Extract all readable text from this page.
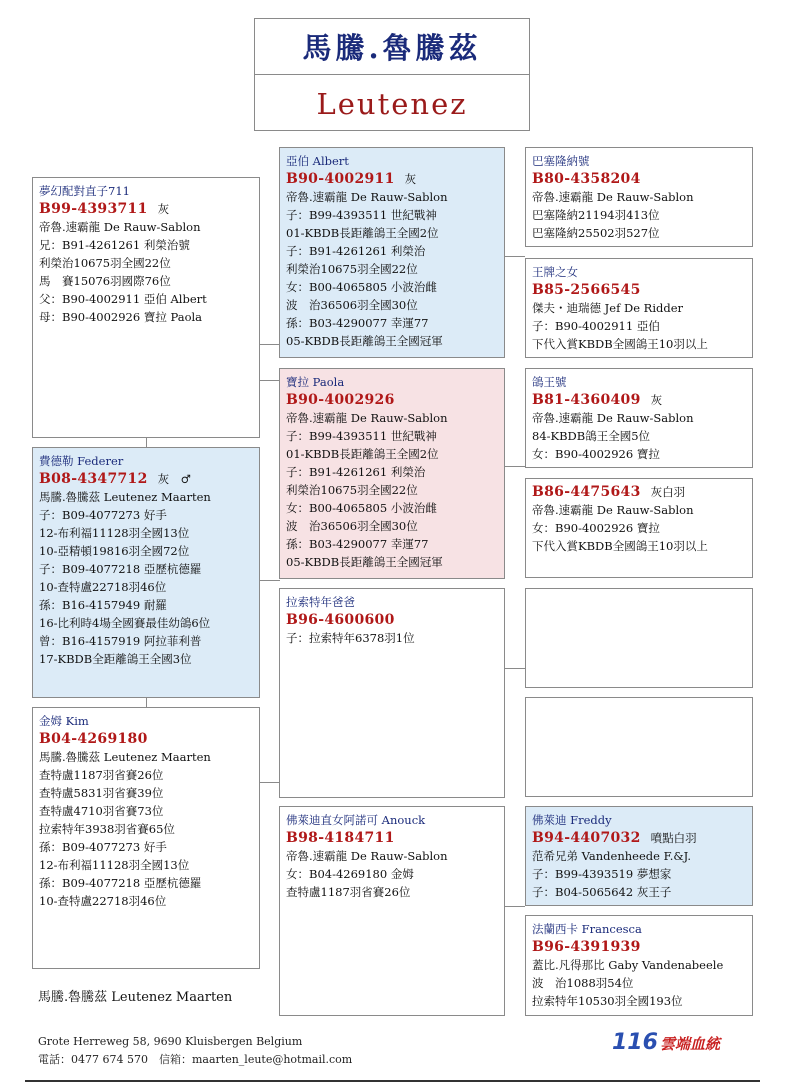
馬騰.魯騰茲
Leutenez
夢幻配對直子711
B99-4393711 灰
帝魯.速霸龍 De Rauw-Sablon
兄：B91-4261261 利榮治號
利榮治10675羽全國22位
馬　賽15076羽國際76位
父：B90-4002911 亞伯 Albert
母：B90-4002926 寶拉 Paola
費德勒 Federer
B08-4347712 灰　♂
馬騰.魯騰茲 Leutenez Maarten
子：B09-4077273 好手
12-布利福11128羽全國13位
10-亞精頓19816羽全國72位
子：B09-4077218 亞歷杭德羅
10-查特盧22718羽46位
孫：B16-4157949 耐羅
16-比利時4場全國賽最佳幼鴿6位
曾：B16-4157919 阿拉菲利普
17-KBDB全距離鴿王全國3位
金姆 Kim
B04-4269180
馬騰.魯騰茲 Leutenez Maarten
查特盧1187羽省賽26位
查特盧5831羽省賽39位
查特盧4710羽省賽73位
拉索特年3938羽省賽65位
孫：B09-4077273 好手
12-布利福11128羽全國13位
孫：B09-4077218 亞歷杭德羅
10-查特盧22718羽46位
亞伯 Albert
B90-4002911 灰
帝魯.速霸龍 De Rauw-Sablon
子：B99-4393511 世紀戰神
01-KBDB長距離鴿王全國2位
子：B91-4261261 利榮治
利榮治10675羽全國22位
女：B00-4065805 小波治雌
波　治36506羽全國30位
孫：B03-4290077 幸運77
05-KBDB長距離鴿王全國冠軍
寶拉 Paola
B90-4002926
帝魯.速霸龍 De Rauw-Sablon
子：B99-4393511 世紀戰神
01-KBDB長距離鴿王全國2位
子：B91-4261261 利榮治
利榮治10675羽全國22位
女：B00-4065805 小波治雌
波　治36506羽全國30位
孫：B03-4290077 幸運77
05-KBDB長距離鴿王全國冠軍
拉索特年爸爸
B96-4600600
子：拉索特年6378羽1位
佛萊迪直女阿諾可 Anouck
B98-4184711
帝魯.速霸龍 De Rauw-Sablon
女：B04-4269180 金姆
查特盧1187羽省賽26位
巴塞隆納號
B80-4358204
帝魯.速霸龍 De Rauw-Sablon
巴塞隆納21194羽413位
巴塞隆納25502羽527位
王牌之女
B85-2566545
傑夫・迪瑞德 Jef De Ridder
子：B90-4002911 亞伯
下代入賞KBDB全國鴿王10羽以上
鴿王號
B81-4360409 灰
帝魯.速霸龍 De Rauw-Sablon
84-KBDB鴿王全國5位
女：B90-4002926 寶拉
B86-4475643 灰白羽
帝魯.速霸龍 De Rauw-Sablon
女：B90-4002926 寶拉
下代入賞KBDB全國鴿王10羽以上
佛萊迪 Freddy
B94-4407032 噴點白羽
范希兄弟 Vandenheede F.&J.
子：B99-4393519 夢想家
子：B04-5065642 灰王子
法蘭西卡 Francesca
B96-4391939
蓋比.凡得那比 Gaby Vandenabeele
波　治1088羽54位
拉索特年10530羽全國193位
馬騰.魯騰茲 Leutenez Maarten
Grote Herreweg 58, 9690 Kluisbergen Belgium
電話：0477 674 570　信箱：maarten_leute@hotmail.com
116 雲端血統
